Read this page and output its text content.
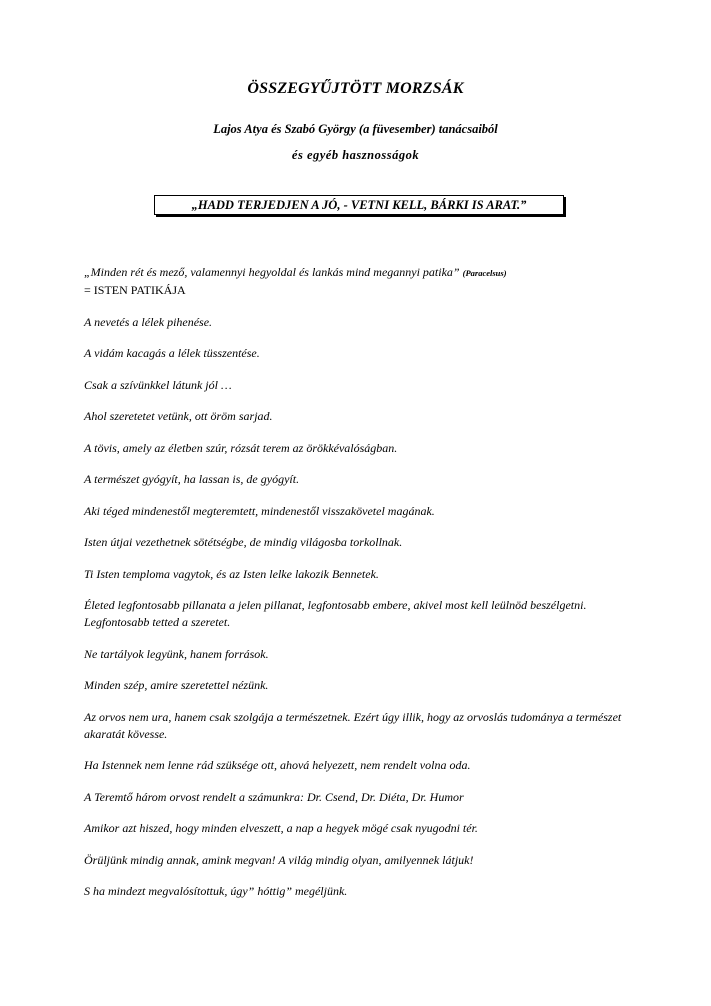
ÖSSZEGYŰJTÖTT MORZSÁK
Lajos Atya és Szabó György (a füvesember) tanácsaiból
és egyéb hasznosságok
„HADD TERJEDJEN A JÓ, - VETNI KELL, BÁRKI IS ARAT.”
„Minden rét és mező, valamennyi hegyoldal és lankás mind megannyi patika” (Paracelsus)
= ISTEN PATIKÁJA

A nevetés a lélek pihenése.

A vidám kacagás a lélek tüsszentése.

Csak a szívünkkel látunk jól …

Ahol szeretetet vetünk, ott öröm sarjad.

A tövis, amely az életben szúr, rózsát terem az örökkévalóságban.

A természet gyógyít, ha lassan is, de gyógyít.

Aki téged mindenestől megteremtett, mindenestől visszakövetel magának.

Isten útjai vezethetnek sötétségbe, de mindig világosba torkollnak.

Ti Isten temploma vagytok, és az Isten lelke lakozik Bennetek.

Életed legfontosabb pillanata a jelen pillanat, legfontosabb embere, akivel most kell leülnöd beszélgetni. Legfontosabb tetted a szeretet.

Ne tartályok legyünk, hanem források.

Minden szép, amire szeretettel nézünk.

Az orvos nem ura, hanem csak szolgája a természetnek. Ezért úgy illik, hogy az orvoslás tudománya a természet akaratát kövesse.

Ha Istennek nem lenne rád szüksége ott, ahová helyezett, nem rendelt volna oda.

A Teremtő három orvost rendelt a számunkra: Dr. Csend, Dr. Diéta, Dr. Humor

Amikor azt hiszed, hogy minden elveszett, a nap a hegyek mögé csak nyugodni tér.

Örüljünk mindig annak, amink megvan! A világ mindig olyan, amilyennek látjuk!

S ha mindezt megvalósítottuk, úgy” hóttig” megéljünk.
